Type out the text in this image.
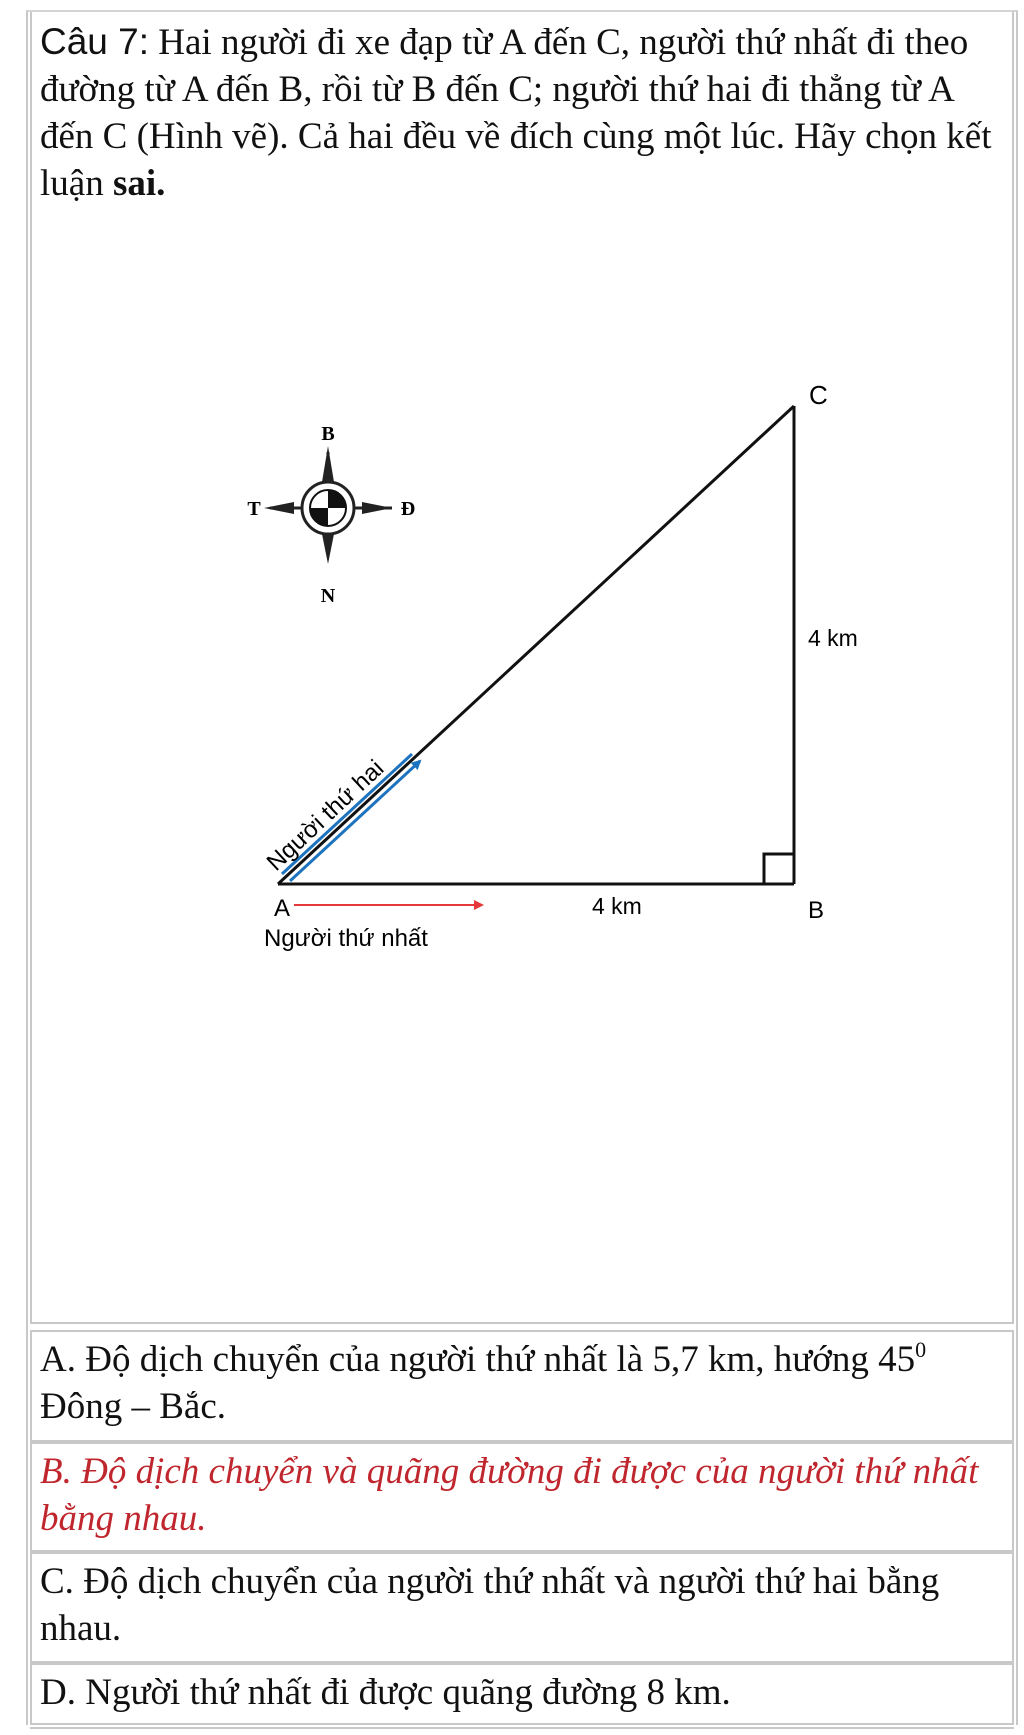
Câu 7: Hai người đi xe đạp từ A đến C, người thứ nhất đi theo đường từ A đến B, rồi từ B đến C; người thứ hai đi thẳng từ A đến C (Hình vẽ). Cả hai đều về đích cùng một lúc. Hãy chọn kết luận sai.

B
N
T	Đ
A	B
C
4 km
4 km
Người thứ nhất
Người thứ hai
A. Độ dịch chuyển của người thứ nhất là 5,7 km, hướng $45^0$ Đông – Bắc.
B. Độ dịch chuyển và quãng đường đi được của người thứ nhất bằng nhau.
C. Độ dịch chuyển của người thứ nhất và người thứ hai bằng nhau.
D. Người thứ nhất đi được quãng đường 8 km.
